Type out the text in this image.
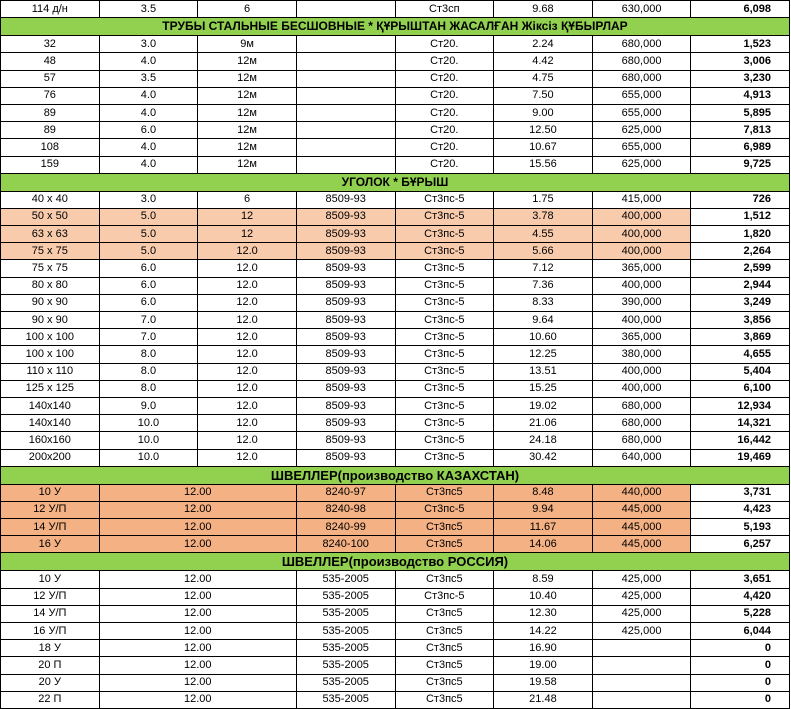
114 д/н	3.5	6		Ст3сп	9.68	630,000	6,098
ТРУБЫ СТАЛЬНЫЕ БЕСШОВНЫЕ * ҚҰРЫШТАН ЖАСАЛҒАН Жіксіз ҚҰБЫРЛАР							
32	3.0	9м		Ст20.	2.24	680,000	1,523
48	4.0	12м		Ст20.	4.42	680,000	3,006
57	3.5	12м		Ст20.	4.75	680,000	3,230
76	4.0	12м		Ст20.	7.50	655,000	4,913
89	4.0	12м		Ст20.	9.00	655,000	5,895
89	6.0	12м		Ст20.	12.50	625,000	7,813
108	4.0	12м		Ст20.	10.67	655,000	6,989
159	4.0	12м		Ст20.	15.56	625,000	9,725
УГОЛОК * БҰРЫШ							
40 х 40	3.0	6	8509-93	Ст3пс-5	1.75	415,000	726
50 х 50	5.0	12	8509-93	Ст3пс-5	3.78	400,000	1,512
63 х 63	5.0	12	8509-93	Ст3пс-5	4.55	400,000	1,820
75 х 75	5.0	12.0	8509-93	Ст3пс-5	5.66	400,000	2,264
75 х 75	6.0	12.0	8509-93	Ст3пс-5	7.12	365,000	2,599
80 х 80	6.0	12.0	8509-93	Ст3пс-5	7.36	400,000	2,944
90 х 90	6.0	12.0	8509-93	Ст3пс-5	8.33	390,000	3,249
90 х 90	7.0	12.0	8509-93	Ст3пс-5	9.64	400,000	3,856
100 х 100	7.0	12.0	8509-93	Ст3пс-5	10.60	365,000	3,869
100 х 100	8.0	12.0	8509-93	Ст3пс-5	12.25	380,000	4,655
110 х 110	8.0	12.0	8509-93	Ст3пс-5	13.51	400,000	5,404
125 х 125	8.0	12.0	8509-93	Ст3пс-5	15.25	400,000	6,100
140x140	9.0	12.0	8509-93	Ст3пс-5	19.02	680,000	12,934
140x140	10.0	12.0	8509-93	Ст3пс-5	21.06	680,000	14,321
160x160	10.0	12.0	8509-93	Ст3пс-5	24.18	680,000	16,442
200x200	10.0	12.0	8509-93	Ст3пс-5	30.42	640,000	19,469
ШВЕЛЛЕР(производство КАЗАХСТАН)							
10 У	12.00		8240-97	Ст3пс5	8.48	440,000	3,731
12 У/П	12.00		8240-98	Ст3пс-5	9.94	445,000	4,423
14 У/П	12.00		8240-99	Ст3пс5	11.67	445,000	5,193
16 У	12.00		8240-100	Ст3пс5	14.06	445,000	6,257
ШВЕЛЛЕР(производство РОССИЯ)							
10 У	12.00		535-2005	Ст3пс5	8.59	425,000	3,651
12 У/П	12.00		535-2005	Ст3пс-5	10.40	425,000	4,420
14 У/П	12.00		535-2005	Ст3пс5	12.30	425,000	5,228
16 У/П	12.00		535-2005	Ст3пс5	14.22	425,000	6,044
18 У	12.00		535-2005	Ст3пс5	16.90		0
20 П	12.00		535-2005	Ст3пс5	19.00		0
20 У	12.00		535-2005	Ст3пс5	19.58		0
22 П	12.00		535-2005	Ст3пс5	21.48		0
